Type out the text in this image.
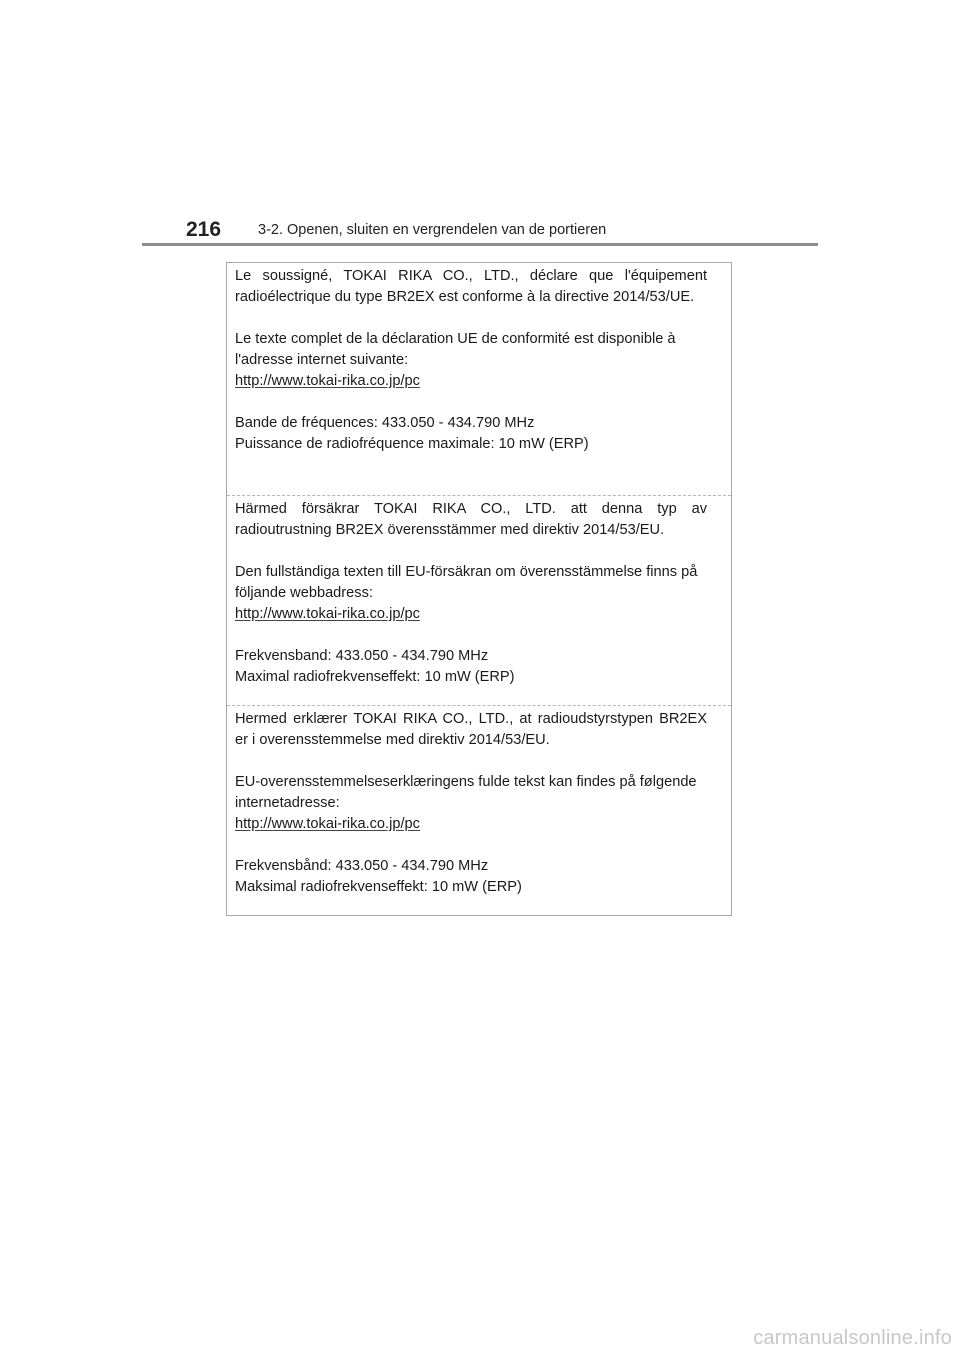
216	3-2. Openen, sluiten en vergrendelen van de portieren

Le soussigné, TOKAI RIKA CO., LTD., déclare que l'équipement radioélectrique du type BR2EX est conforme à la directive 2014/53/UE.

Le texte complet de la déclaration UE de conformité est disponible à l'adresse internet suivante:

http://www.tokai-rika.co.jp/pc

Bande de fréquences: 433.050 - 434.790 MHz

Puissance de radiofréquence maximale: 10 mW (ERP)

Härmed försäkrar TOKAI RIKA CO., LTD. att denna typ av radioutrustning BR2EX överensstämmer med direktiv 2014/53/EU.

Den fullständiga texten till EU-försäkran om överensstämmelse finns på följande webbadress:

http://www.tokai-rika.co.jp/pc

Frekvensband: 433.050 - 434.790 MHz

Maximal radiofrekvenseffekt: 10 mW (ERP)

Hermed erklærer TOKAI RIKA CO., LTD., at radioudstyrstypen BR2EX er i overensstemmelse med direktiv 2014/53/EU.

EU-overensstemmelseserklæringens fulde tekst kan findes på følgende internetadresse:

http://www.tokai-rika.co.jp/pc

Frekvensbånd: 433.050 - 434.790 MHz

Maksimal radiofrekvenseffekt: 10 mW (ERP)

carmanualsonline.info
